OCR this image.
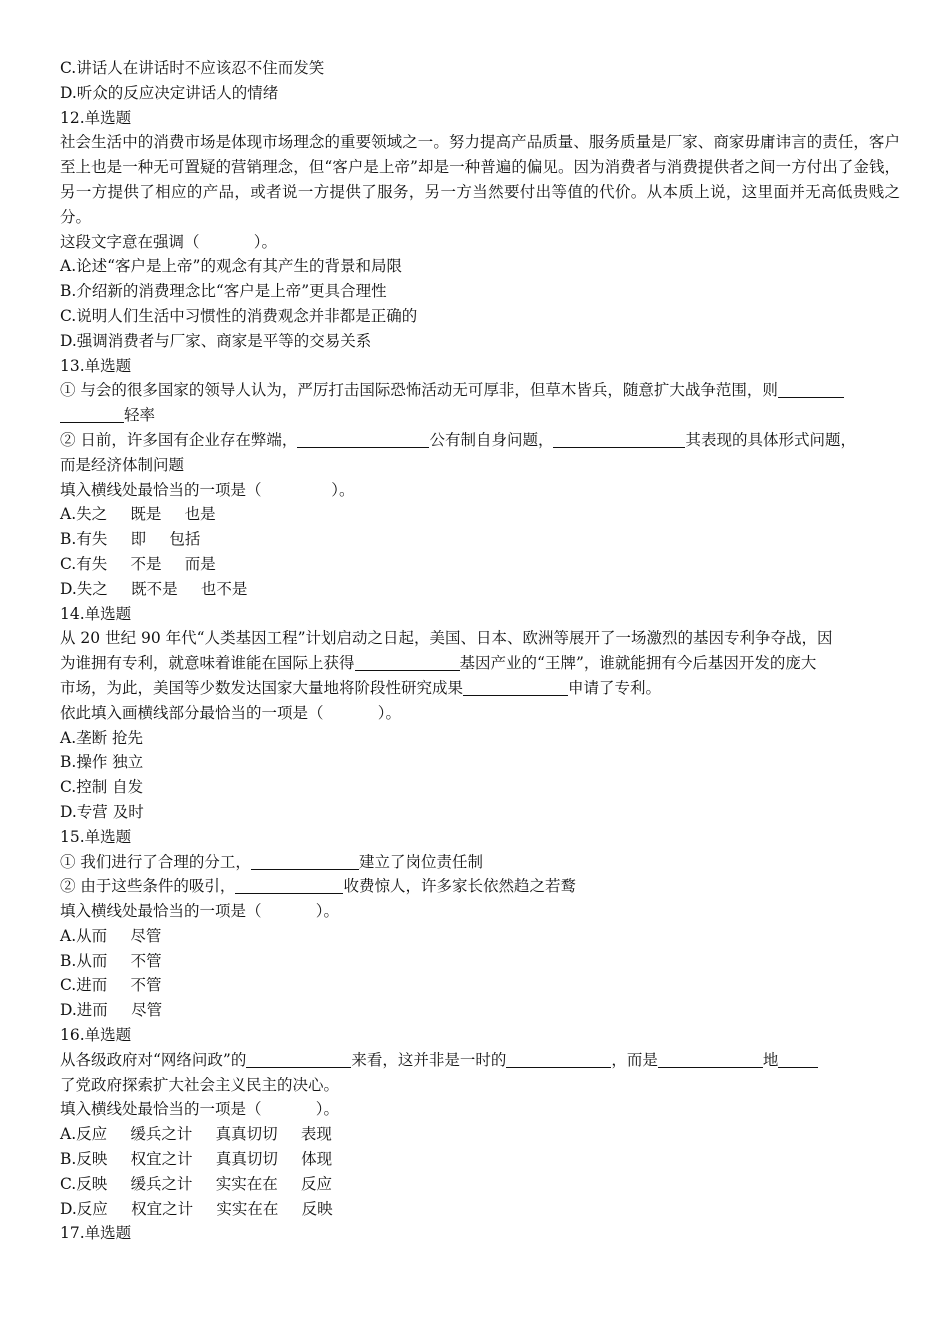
C.讲话人在讲话时不应该忍不住而发笑
D.听众的反应决定讲话人的情绪
12.单选题
社会生活中的消费市场是体现市场理念的重要领域之一。努力提高产品质量、服务质量是厂家、商家毋庸讳言的责任，客户至上也是一种无可置疑的营销理念，但“客户是上帝”却是一种普遍的偏见。因为消费者与消费提供者之间一方付出了金钱，另一方提供了相应的产品，或者说一方提供了服务，另一方当然要付出等值的代价。从本质上说，这里面并无高低贵贱之分。
这段文字意在强调（	）。
A.论述“客户是上帝”的观念有其产生的背景和局限
B.介绍新的消费理念比“客户是上帝”更具合理性
C.说明人们生活中习惯性的消费观念并非都是正确的
D.强调消费者与厂家、商家是平等的交易关系
13.单选题
① 与会的很多国家的领导人认为，严厉打击国际恐怖活动无可厚非，但草木皆兵，随意扩大战争范围，则
轻率
② 日前，许多国有企业存在弊端，	公有制自身问题，	其表现的具体形式问题，
而是经济体制问题
填入横线处最恰当的一项是（	）。
A.失之 既是 也是
B.有失 即 包括
C.有失 不是 而是
D.失之 既不是 也不是
14.单选题
从 20 世纪 90 年代“人类基因工程”计划启动之日起，美国、日本、欧洲等展开了一场激烈的基因专利争夺战，因
为谁拥有专利，就意味着谁能在国际上获得	基因产业的“王牌”，谁就能拥有今后基因开发的庞大
市场，为此，美国等少数发达国家大量地将阶段性研究成果	申请了专利。
依此填入画横线部分最恰当的一项是（	）。
A.垄断 抢先
B.操作 独立
C.控制 自发
D.专营 及时
15.单选题
① 我们进行了合理的分工，	建立了岗位责任制
② 由于这些条件的吸引，	收费惊人，许多家长依然趋之若鹜
填入横线处最恰当的一项是（	）。
A.从而 尽管
B.从而 不管
C.进而 不管
D.进而 尽管
16.单选题
从各级政府对“网络问政”的	来看，这并非是一时的	，而是	地
了党政府探索扩大社会主义民主的决心。
填入横线处最恰当的一项是（	）。
A.反应 缓兵之计 真真切切 表现
B.反映 权宜之计 真真切切 体现
C.反映 缓兵之计 实实在在 反应
D.反应 权宜之计 实实在在 反映
17.单选题
